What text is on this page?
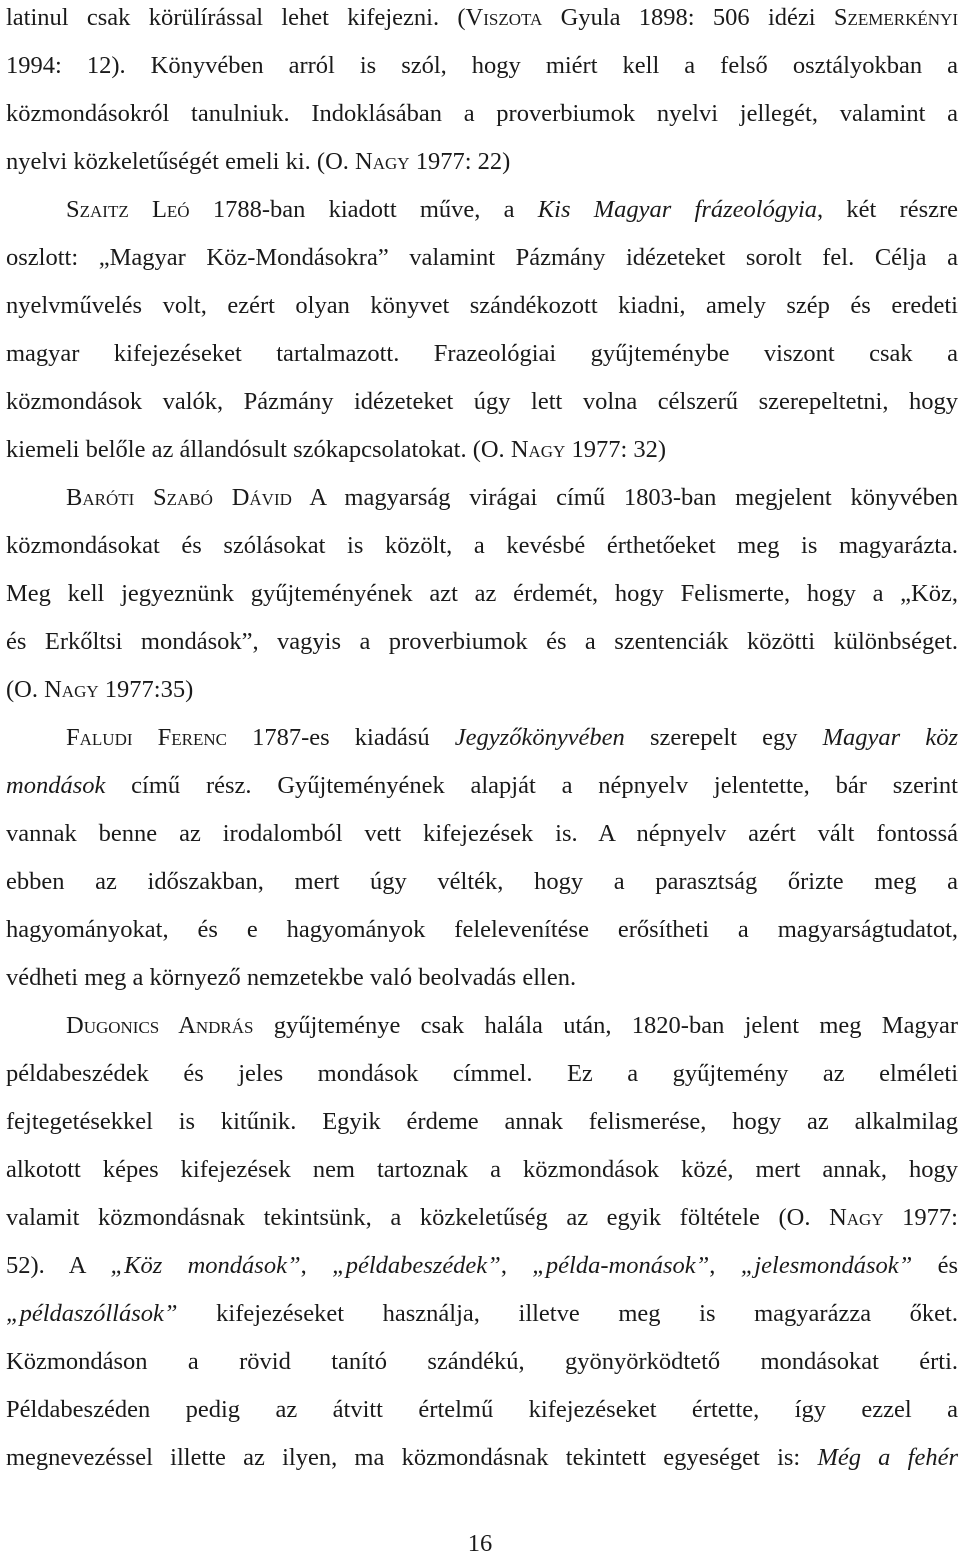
latinul csak körülírással lehet kifejezni. (Viszota Gyula 1898: 506 idézi Szemerkényi
1994: 12). Könyvében arról is szól, hogy miért kell a felső osztályokban a
közmondásokról tanulniuk. Indoklásában a proverbiumok nyelvi jellegét, valamint a
nyelvi közkeletűségét emeli ki. (O. Nagy 1977: 22)
Szaitz Leó 1788-ban kiadott műve, a Kis Magyar frázeológyia, két részre
oszlott: „Magyar Köz-Mondásokra” valamint Pázmány idézeteket sorolt fel. Célja a
nyelvművelés volt, ezért olyan könyvet szándékozott kiadni, amely szép és eredeti
magyar kifejezéseket tartalmazott. Frazeológiai gyűjteménybe viszont csak a
közmondások valók, Pázmány idézeteket úgy lett volna célszerű szerepeltetni, hogy
kiemeli belőle az állandósult szókapcsolatokat. (O. Nagy 1977: 32)
Baróti Szabó Dávid A magyarság virágai című 1803-ban megjelent könyvében
közmondásokat és szólásokat is közölt, a kevésbé érthetőeket meg is magyarázta.
Meg kell jegyeznünk gyűjteményének azt az érdemét, hogy Felismerte, hogy a „Köz,
és Erkőltsi mondások”, vagyis a proverbiumok és a szentenciák közötti különbséget.
(O. Nagy 1977:35)
Faludi Ferenc 1787-es kiadású Jegyzőkönyvében szerepelt egy Magyar köz
mondások című rész. Gyűjteményének alapját a népnyelv jelentette, bár szerint
vannak benne az irodalomból vett kifejezések is. A népnyelv azért vált fontossá
ebben az időszakban, mert úgy vélték, hogy a parasztság őrizte meg a
hagyományokat, és e hagyományok felelevenítése erősítheti a magyarságtudatot,
védheti meg a környező nemzetekbe való beolvadás ellen.
Dugonics András gyűjteménye csak halála után, 1820-ban jelent meg Magyar
példabeszédek és jeles mondások címmel. Ez a gyűjtemény az elméleti
fejtegetésekkel is kitűnik. Egyik érdeme annak felismerése, hogy az alkalmilag
alkotott képes kifejezések nem tartoznak a közmondások közé, mert annak, hogy
valamit közmondásnak tekintsünk, a közkeletűség az egyik föltétele (O. Nagy 1977:
52). A „Köz mondások”, „példabeszédek”, „példa-monások”, „jelesmondások” és
„példaszóllások” kifejezéseket használja, illetve meg is magyarázza őket.
Közmondáson a rövid tanító szándékú, gyönyörködtető mondásokat érti.
Példabeszéden pedig az átvitt értelmű kifejezéseket értette, így ezzel a
megnevezéssel illette az ilyen, ma közmondásnak tekintett egyeséget is: Még a fehér
16
